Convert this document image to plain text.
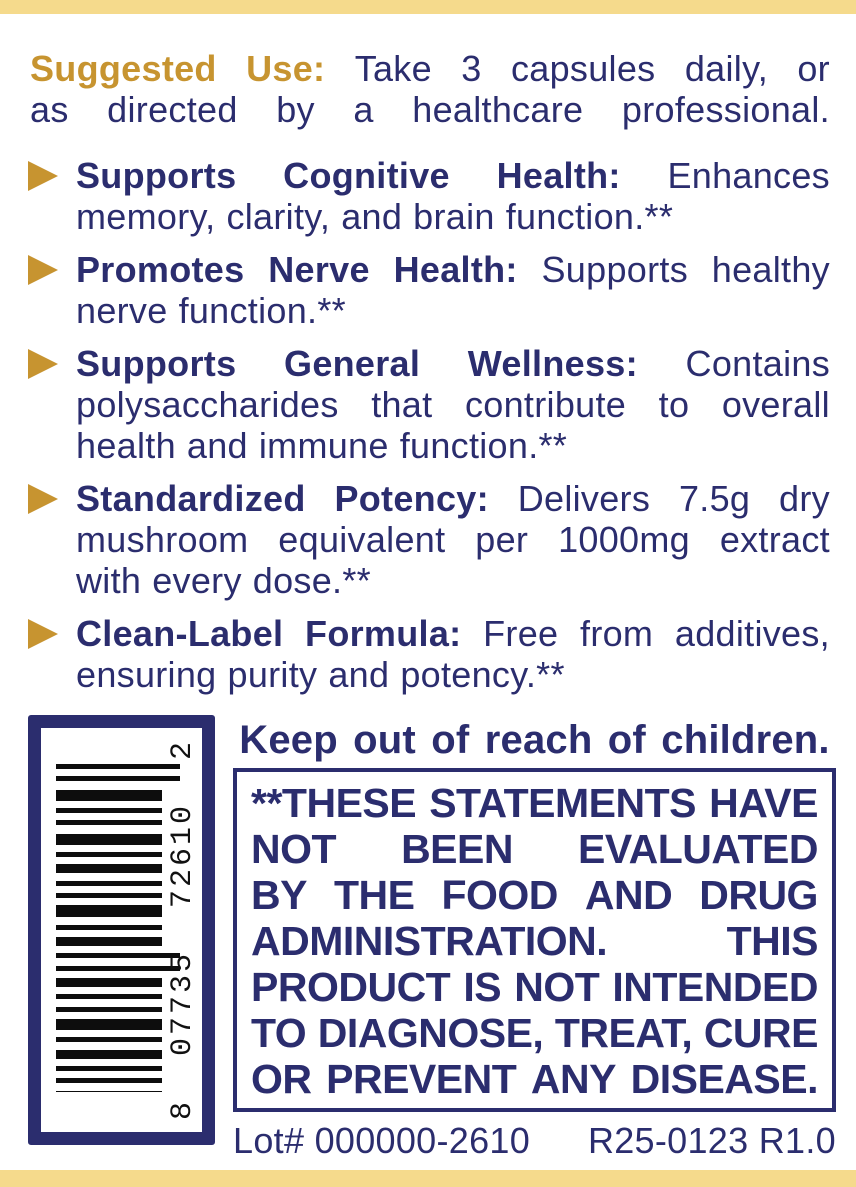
Suggested Use: Take 3 capsules daily, or
as directed by a healthcare professional.
Supports Cognitive Health: Enhances
memory, clarity, and brain function.**
Promotes Nerve Health: Supports healthy
nerve function.**
Supports General Wellness: Contains
polysaccharides that contribute to overall
health and immune function.**
Standardized Potency: Delivers 7.5g dry
mushroom equivalent per 1000mg extract
with every dose.**
Clean-Label Formula: Free from additives,
ensuring purity and potency.**
8 07735 72610 2 Keep out of reach of children.
**THESE STATEMENTS HAVE
NOT BEEN EVALUATED
BY THE FOOD AND DRUG
ADMINISTRATION.	THIS
PRODUCT IS NOT INTENDED
TO DIAGNOSE, TREAT, CURE
OR PREVENT ANY DISEASE.
Lot# 000000-2610 R25-0123 R1.0
